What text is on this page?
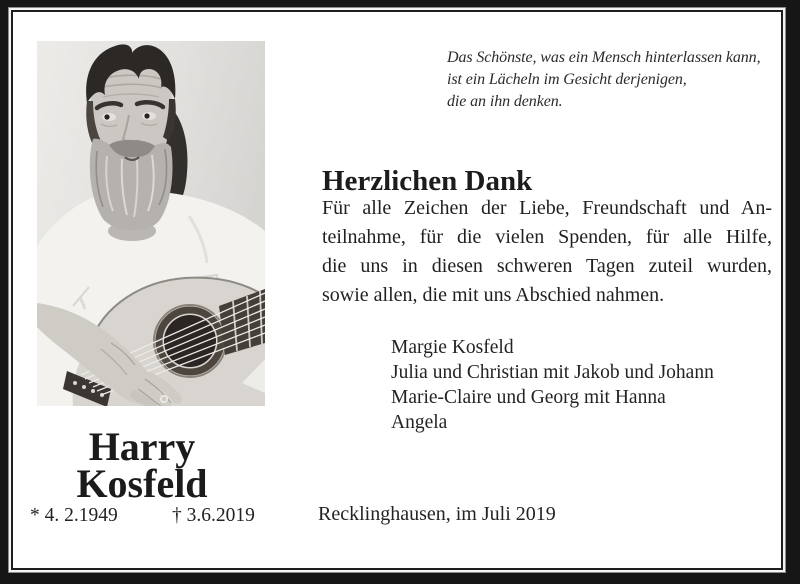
Das Schönste, was ein Mensch hinterlassen kann,
ist ein Lächeln im Gesicht derjenigen,
die an ihn denken.
Herzlichen Dank
Für alle Zeichen der Liebe, Freundschaft und An-
teilnahme, für die vielen Spenden, für alle Hilfe,
die uns in diesen schweren Tagen zuteil wurden,
sowie allen, die mit uns Abschied nahmen.
Margie Kosfeld
Julia und Christian mit Jakob und Johann
Marie-Claire und Georg mit Hanna
Angela
Harry
Kosfeld
* 4. 2.1949	† 3.6.2019	Recklinghausen, im Juli 2019
